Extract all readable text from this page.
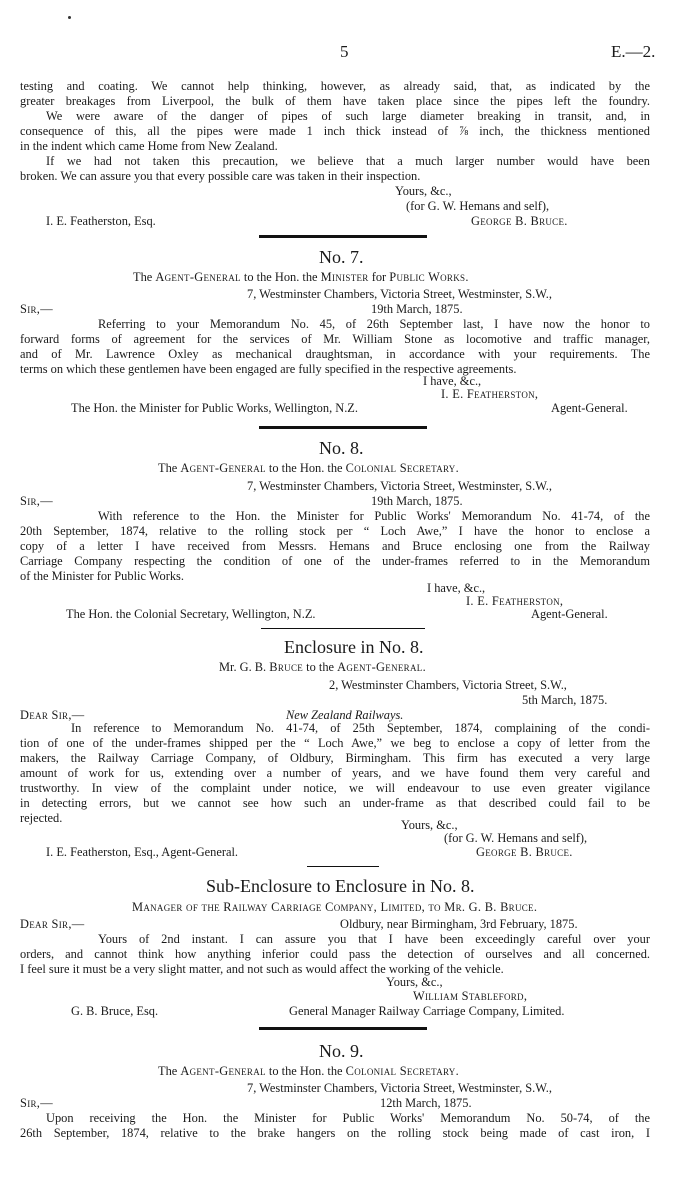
5	E.—2.
testing and coating. We cannot help thinking, however, as already said, that, as indicated by the
greater breakages from Liverpool, the bulk of them have taken place since the pipes left the foundry.
We were aware of the danger of pipes of such large diameter breaking in transit, and, in
consequence of this, all the pipes were made 1 inch thick instead of ⅞ inch, the thickness mentioned
in the indent which came Home from New Zealand.
If we had not taken this precaution, we believe that a much larger number would have been
broken. We can assure you that every possible care was taken in their inspection.
Yours, &c.,
(for G. W. Hemans and self),
I. E. Featherston, Esq.	George B. Bruce.
No. 7.
The Agent-General to the Hon. the Minister for Public Works.
7, Westminster Chambers, Victoria Street, Westminster, S.W.,
Sir,—	19th March, 1875.
Referring to your Memorandum No. 45, of 26th September last, I have now the honor to
forward forms of agreement for the services of Mr. William Stone as locomotive and traffic manager,
and of Mr. Lawrence Oxley as mechanical draughtsman, in accordance with your requirements. The
terms on which these gentlemen have been engaged are fully specified in the respective agreements.
I have, &c.,
I. E. Featherston,
The Hon. the Minister for Public Works, Wellington, N.Z.	Agent-General.
No. 8.
The Agent-General to the Hon. the Colonial Secretary.
7, Westminster Chambers, Victoria Street, Westminster, S.W.,
Sir,—	19th March, 1875.
With reference to the Hon. the Minister for Public Works' Memorandum No. 41-74, of the
20th September, 1874, relative to the rolling stock per “ Loch Awe,” I have the honor to enclose a
copy of a letter I have received from Messrs. Hemans and Bruce enclosing one from the Railway
Carriage Company respecting the condition of one of the under-frames referred to in the Memorandum
of the Minister for Public Works.
I have, &c.,
I. E. Featherston,
The Hon. the Colonial Secretary, Wellington, N.Z.	Agent-General.
Enclosure in No. 8.
Mr. G. B. Bruce to the Agent-General.
2, Westminster Chambers, Victoria Street, S.W.,
5th March, 1875.
Dear Sir,—	New Zealand Railways.
In reference to Memorandum No. 41-74, of 25th September, 1874, complaining of the condi-
tion of one of the under-frames shipped per the “ Loch Awe,” we beg to enclose a copy of letter from the
makers, the Railway Carriage Company, of Oldbury, Birmingham. This firm has executed a very large
amount of work for us, extending over a number of years, and we have found them very careful and
trustworthy. In view of the complaint under notice, we will endeavour to use even greater vigilance
in detecting errors, but we cannot see how such an under-frame as that described could fail to be
rejected.	Yours, &c.,
(for G. W. Hemans and self),
I. E. Featherston, Esq., Agent-General.	George B. Bruce.
Sub-Enclosure to Enclosure in No. 8.
Manager of the Railway Carriage Company, Limited, to Mr. G. B. Bruce.
Dear Sir,—	Oldbury, near Birmingham, 3rd February, 1875.
Yours of 2nd instant. I can assure you that I have been exceedingly careful over your
orders, and cannot think how anything inferior could pass the detection of ourselves and all concerned.
I feel sure it must be a very slight matter, and not such as would affect the working of the vehicle.
Yours, &c.,
William Stableford,
G. B. Bruce, Esq.	General Manager Railway Carriage Company, Limited.
No. 9.
The Agent-General to the Hon. the Colonial Secretary.
7, Westminster Chambers, Victoria Street, Westminster, S.W.,
Sir,—	12th March, 1875.
Upon receiving the Hon. the Minister for Public Works' Memorandum No. 50-74, of the
26th September, 1874, relative to the brake hangers on the rolling stock being made of cast iron, I
